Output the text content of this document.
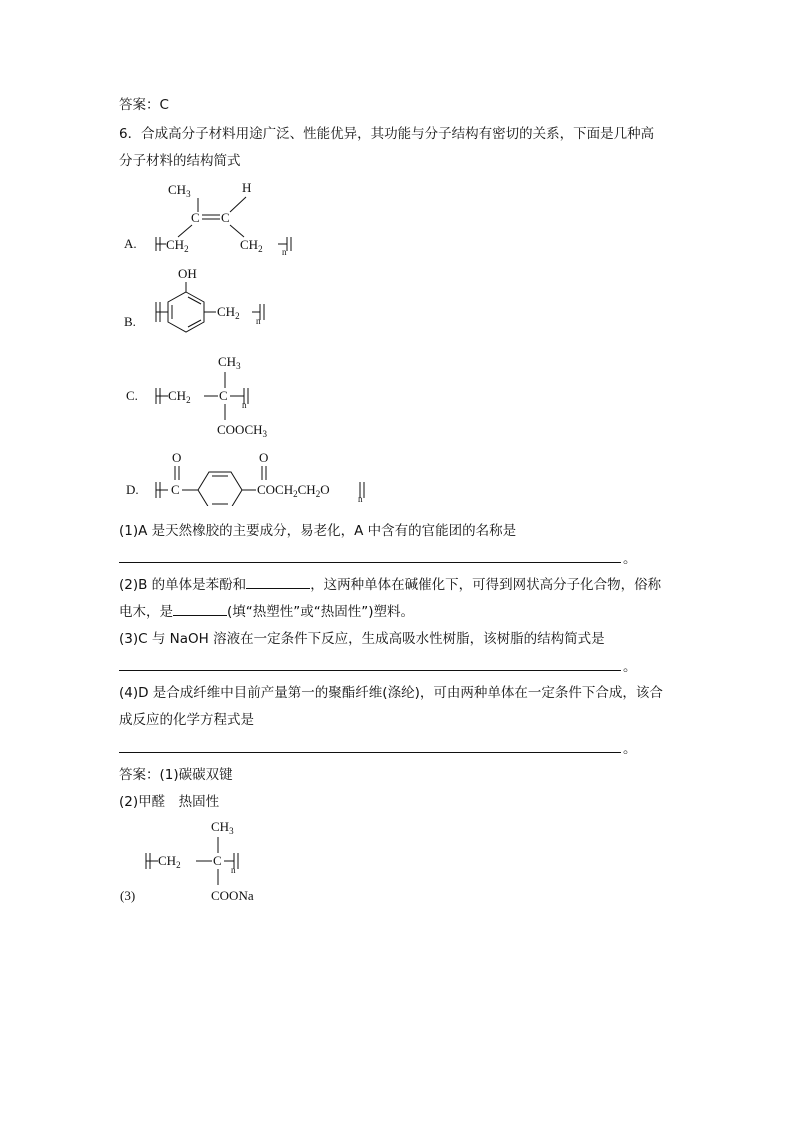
答案：C
6．合成高分子材料用途广泛、性能优异，其功能与分子结构有密切的关系，下面是几种高
分子材料的结构简式
A.
$CH_3$	H
C C
$CH_2$	$CH_2$ n
B.
OH
$CH_2$ n
C.
$CH_3$
$CH_2$ C
n
$COOCH_3$
D.
O
C
O
$COCH_2CH_2O$
n
(1)A 是天然橡胶的主要成分，易老化，A 中含有的官能团的名称是
。
(2)B 的单体是苯酚和	，这两种单体在碱催化下，可得到网状高分子化合物，俗称
电木，是	(填“热塑性”或“热固性”)塑料。
(3)C 与 NaOH 溶液在一定条件下反应，生成高吸水性树脂，该树脂的结构简式是
。
(4)D 是合成纤维中目前产量第一的聚酯纤维(涤纶)，可由两种单体在一定条件下合成，该合
成反应的化学方程式是
。
答案：(1)碳碳双键
(2)甲醛　热固性
(3)
$CH_3$
$CH_2$ C
n
COONa
